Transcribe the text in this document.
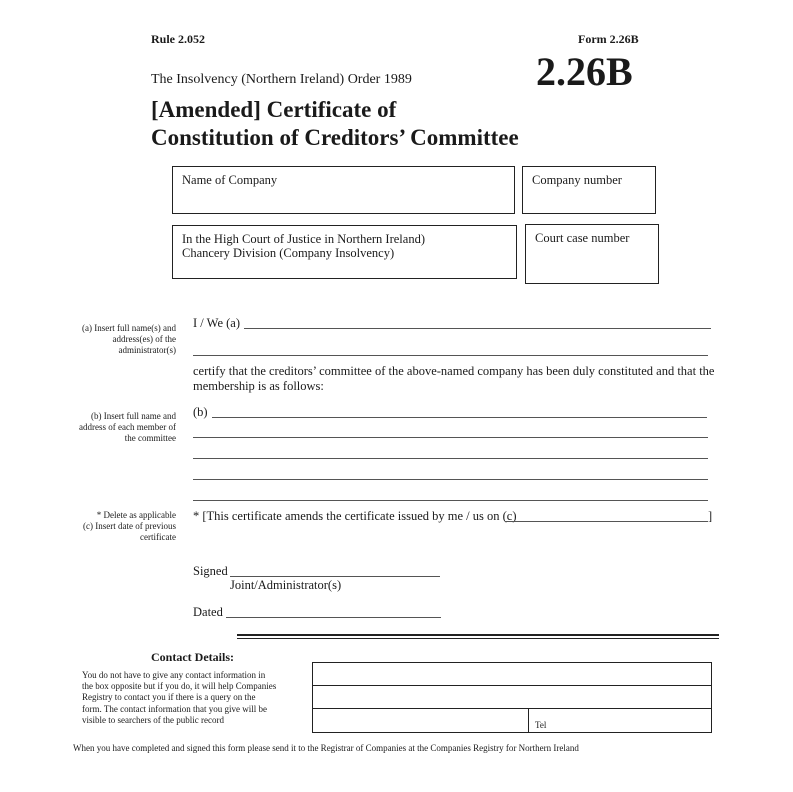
Rule 2.052	Form 2.26B
2.26B
The Insolvency (Northern Ireland) Order 1989
[Amended] Certificate of
Constitution of Creditors’ Committee
Name of Company	Company number
In the High Court of Justice in Northern Ireland)
Chancery Division (Company Insolvency)
Court case number
(a) Insert full name(s) and
address(es) of the
administrator(s)
(b) Insert full name and
address of each member of
the committee
* Delete as applicable
(c) Insert date of previous
certificate
I / We (a)
certify that the creditors’ committee of the above-named company has been duly constituted and that the
membership is as follows:
(b)
* [This certificate amends the certificate issued by me / us on (c)	]
Signed
Joint/Administrator(s)
Dated
Contact Details:
You do not have to give any contact information in
the box opposite but if you do, it will help Companies
Registry to contact you if there is a query on the
form. The contact information that you give will be
visible to searchers of the public record
Tel
When you have completed and signed this form please send it to the Registrar of Companies at the Companies Registry for Northern Ireland
